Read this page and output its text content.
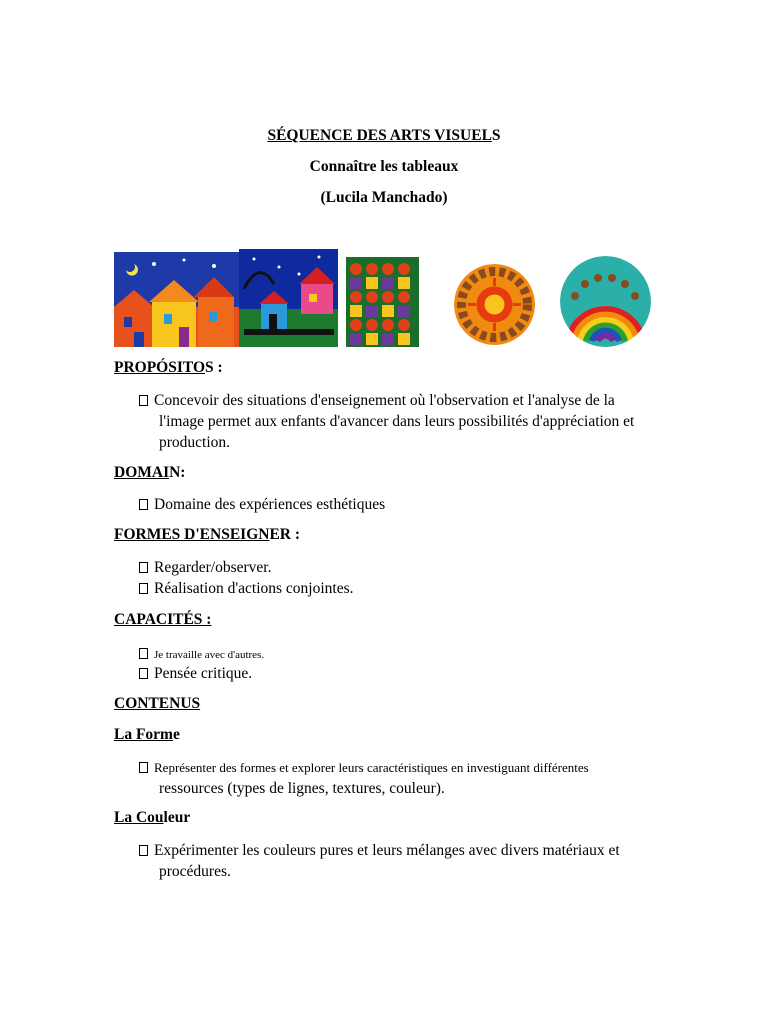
SÉQUENCE DES ARTS VISUELS
Connaître les tableaux
(Lucila Manchado)
PROPÓSITOS :
Concevoir des situations d'enseignement où l'observation et l'analyse de la
l'image permet aux enfants d'avancer dans leurs possibilités d'appréciation et
production.
DOMAIN:
Domaine des expériences esthétiques
FORMES D'ENSEIGNER :
Regarder/observer.
Réalisation d'actions conjointes.
CAPACITÉS :
Je travaille avec d'autres.
Pensée critique.
CONTENUS
La Forme
Représenter des formes et explorer leurs caractéristiques en investiguant différentes
ressources (types de lignes, textures, couleur).
La Couleur
Expérimenter les couleurs pures et leurs mélanges avec divers matériaux et
procédures.
